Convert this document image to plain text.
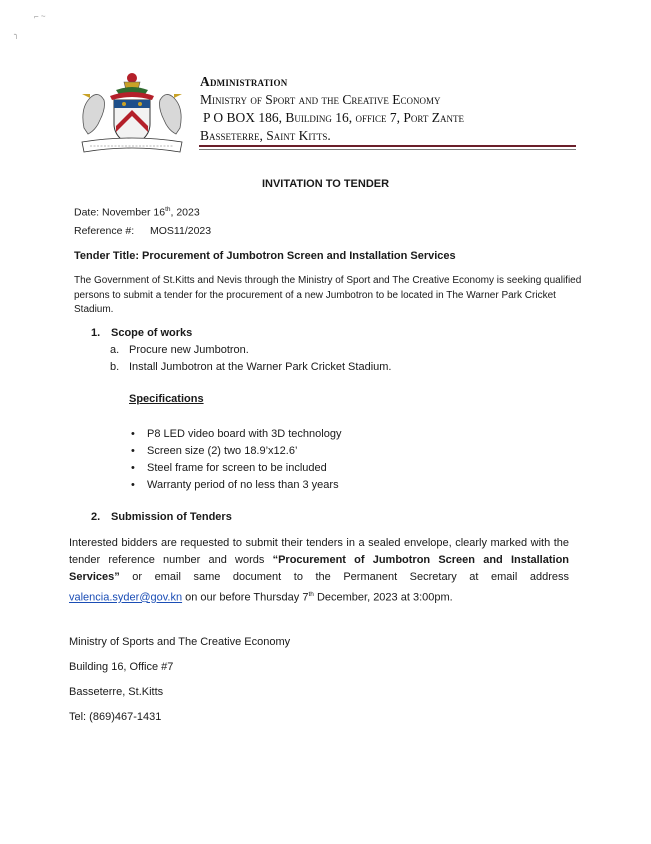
⌐ ~
╮
Administration
Ministry of Sport and the Creative Economy
P O BOX 186, Building 16, office 7, Port Zante
Basseterre, Saint Kitts.
INVITATION TO TENDER
Date: November 16th, 2023
Reference #: MOS11/2023
Tender Title: Procurement of Jumbotron Screen and Installation Services
The Government of St.Kitts and Nevis through the Ministry of Sport and The Creative Economy is seeking qualified persons to submit a tender for the procurement of a new Jumbotron to be located in The Warner Park Cricket Stadium.
1. Scope of works
a. Procure new Jumbotron.
b. Install Jumbotron at the Warner Park Cricket Stadium.
Specifications
• P8 LED video board with 3D technology
• Screen size (2) two 18.9’x12.6’
• Steel frame for screen to be included
• Warranty period of no less than 3 years
2. Submission of Tenders
Interested bidders are requested to submit their tenders in a sealed envelope, clearly marked with the tender reference number and words “Procurement of Jumbotron Screen and Installation Services” or email same document to the Permanent Secretary at email address valencia.syder@gov.kn on our before Thursday 7th December, 2023 at 3:00pm.
Ministry of Sports and The Creative Economy
Building 16, Office #7
Basseterre, St.Kitts
Tel: (869)467-1431
